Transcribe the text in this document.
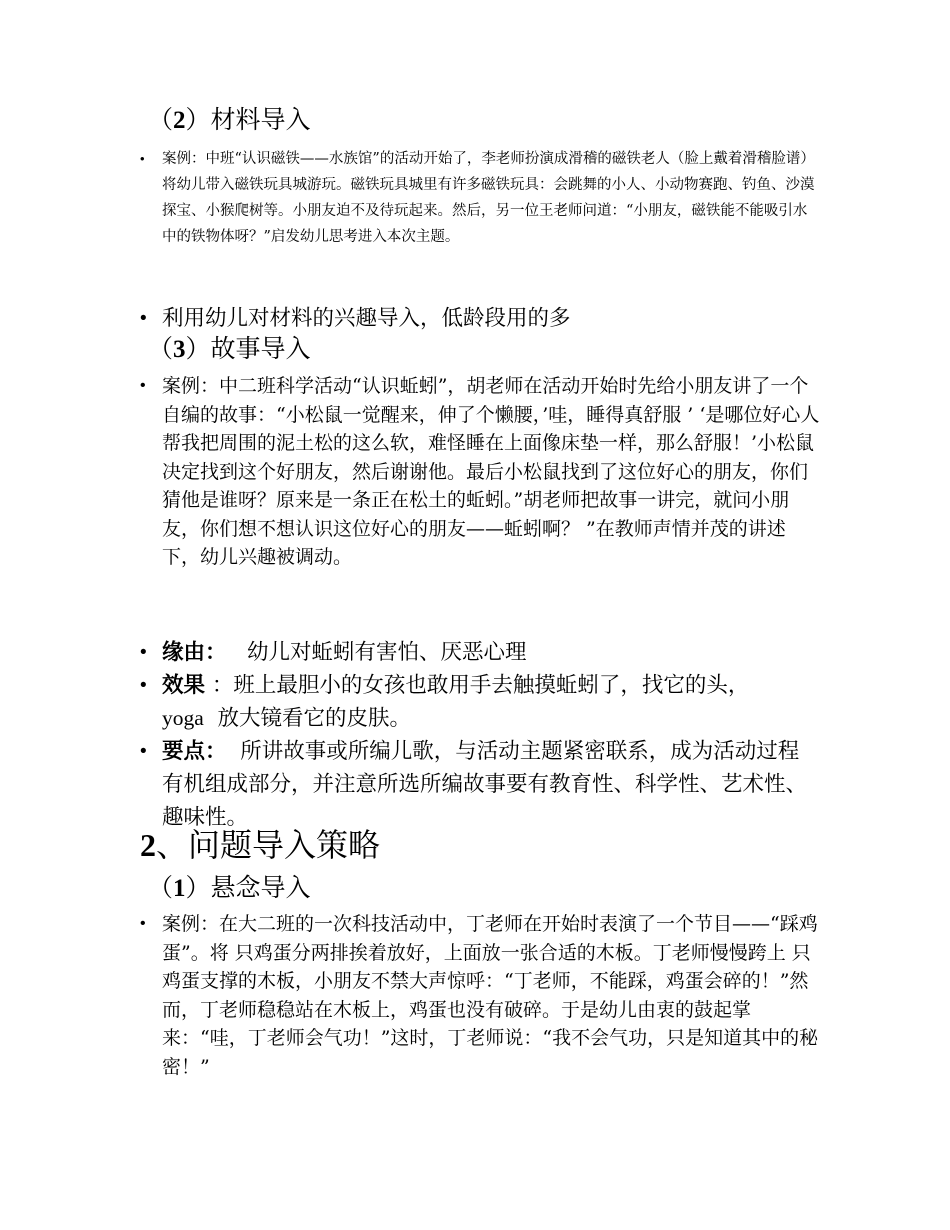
（2）材料导入
• 案例：中班“认识磁铁——水族馆”的活动开始了，李老师扮演成滑稽的磁铁老人（脸上戴着滑稽脸谱）将幼儿带入磁铁玩具城游玩。磁铁玩具城里有许多磁铁玩具：会跳舞的小人、小动物赛跑、钓鱼、沙漠探宝、小猴爬树等。小朋友迫不及待玩起来。然后，另一位王老师问道：“小朋友，磁铁能不能吸引水中的铁物体呀？”启发幼儿思考进入本次主题。
• 利用幼儿对材料的兴趣导入，低龄段用的多
（3）故事导入
• 案例：中二班科学活动“认识蚯蚓”，胡老师在活动开始时先给小朋友讲了一个自编的故事：“小松鼠一觉醒来，伸了个懒腰，’哇，睡得真舒服 ’ ‘是哪位好心人帮我把周围的泥土松的这么软，难怪睡在上面像床垫一样，那么舒服！’小松鼠决定找到这个好朋友，然后谢谢他。最后小松鼠找到了这位好心的朋友，你们猜他是谁呀？原来是一条正在松土的蚯蚓。”胡老师把故事一讲完，就问小朋友，你们想不想认识这位好心的朋友——蚯蚓啊？ ”在教师声情并茂的讲述下，幼儿兴趣被调动。
• 缘由： 幼儿对蚯蚓有害怕、厌恶心理
• 效果 ：班上最胆小的女孩也敢用手去触摸蚯蚓了，找它的头，yoga 放大镜看它的皮肤。
• 要点： 所讲故事或所编儿歌，与活动主题紧密联系，成为活动过程有机组成部分，并注意所选所编故事要有教育性、科学性、艺术性、趣味性。
2、问题导入策略
（1）悬念导入
• 案例：在大二班的一次科技活动中，丁老师在开始时表演了一个节目——“踩鸡蛋”。将 只鸡蛋分两排挨着放好，上面放一张合适的木板。丁老师慢慢跨上 只鸡蛋支撑的木板，小朋友不禁大声惊呼：“丁老师，不能踩，鸡蛋会碎的！”然而，丁老师稳稳站在木板上，鸡蛋也没有破碎。于是幼儿由衷的鼓起掌来：“哇，丁老师会气功！”这时，丁老师说：“我不会气功，只是知道其中的秘密！”
